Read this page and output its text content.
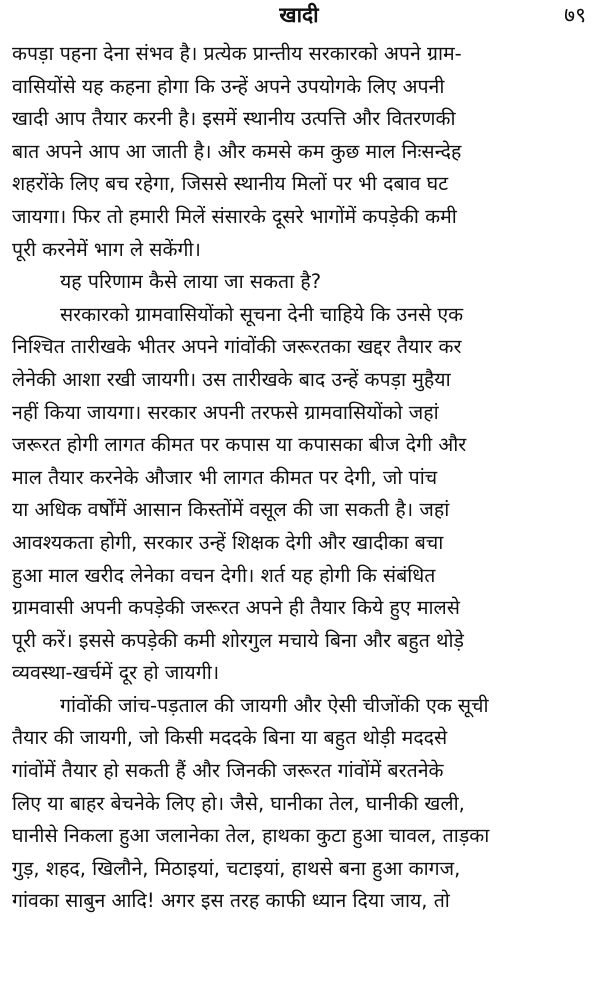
खादी	७९

कपड़ा पहना देना संभव है। प्रत्येक प्रान्तीय सरकारको अपने ग्राम-
वासियोंसे यह कहना होगा कि उन्हें अपने उपयोगके लिए अपनी
खादी आप तैयार करनी है। इसमें स्थानीय उत्पत्ति और वितरणकी
बात अपने आप आ जाती है। और कमसे कम कुछ माल निःसन्देह
शहरोंके लिए बच रहेगा, जिससे स्थानीय मिलों पर भी दबाव घट
जायगा। फिर तो हमारी मिलें संसारके दूसरे भागोंमें कपड़ेकी कमी
पूरी करनेमें भाग ले सकेंगी।

यह परिणाम कैसे लाया जा सकता है?

सरकारको ग्रामवासियोंको सूचना देनी चाहिये कि उनसे एक
निश्चित तारीखके भीतर अपने गांवोंकी जरूरतका खद्दर तैयार कर
लेनेकी आशा रखी जायगी। उस तारीखके बाद उन्हें कपड़ा मुहैया
नहीं किया जायगा। सरकार अपनी तरफसे ग्रामवासियोंको जहां
जरूरत होगी लागत कीमत पर कपास या कपासका बीज देगी और
माल तैयार करनेके औजार भी लागत कीमत पर देगी, जो पांच
या अधिक वर्षोंमें आसान किस्तोंमें वसूल की जा सकती है। जहां
आवश्यकता होगी, सरकार उन्हें शिक्षक देगी और खादीका बचा
हुआ माल खरीद लेनेका वचन देगी। शर्त यह होगी कि संबंधित
ग्रामवासी अपनी कपड़ेकी जरूरत अपने ही तैयार किये हुए मालसे
पूरी करें। इससे कपड़ेकी कमी शोरगुल मचाये बिना और बहुत थोड़े
व्यवस्था-खर्चमें दूर हो जायगी।

गांवोंकी जांच-पड़ताल की जायगी और ऐसी चीजोंकी एक सूची
तैयार की जायगी, जो किसी मददके बिना या बहुत थोड़ी मददसे
गांवोंमें तैयार हो सकती हैं और जिनकी जरूरत गांवोंमें बरतनेके
लिए या बाहर बेचनेके लिए हो। जैसे, घानीका तेल, घानीकी खली,
घानीसे निकला हुआ जलानेका तेल, हाथका कुटा हुआ चावल, ताड़का
गुड़, शहद, खिलौने, मिठाइयां, चटाइयां, हाथसे बना हुआ कागज,
गांवका साबुन आदि! अगर इस तरह काफी ध्यान दिया जाय, तो
